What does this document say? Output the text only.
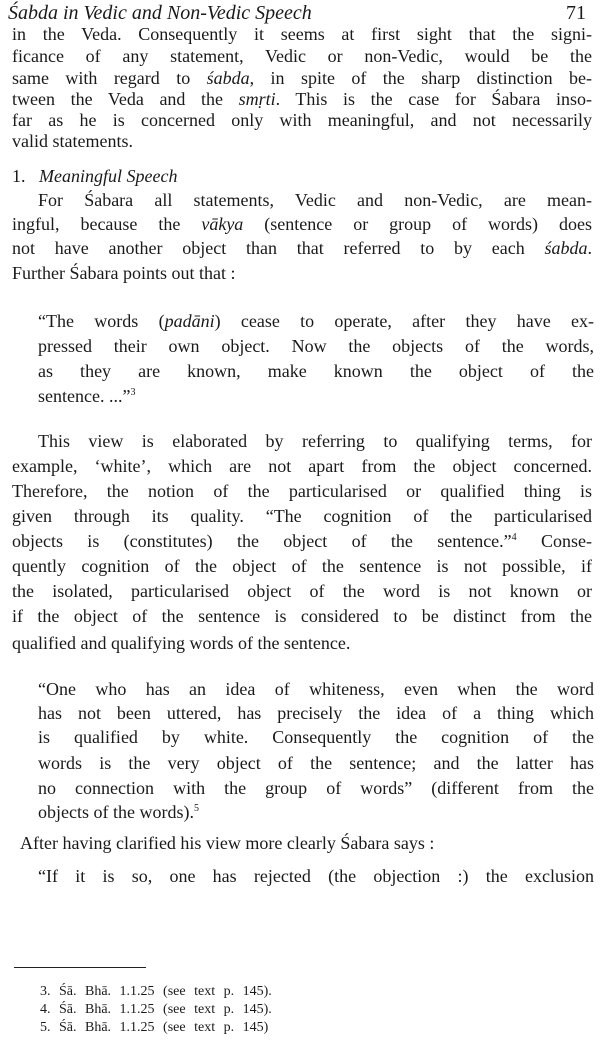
Śabda in Vedic and Non-Vedic Speech	71
in the Veda. Consequently it seems at first sight that the signi-
ficance of any statement, Vedic or non-Vedic, would be the
same with regard to śabda, in spite of the sharp distinction be-
tween the Veda and the smṛti. This is the case for Śabara inso-
far as he is concerned only with meaningful, and not necessarily
valid statements.
1. Meaningful Speech
For Śabara all statements, Vedic and non-Vedic, are mean-
ingful, because the vākya (sentence or group of words) does
not have another object than that referred to by each śabda.
Further Śabara points out that :
“The words (padāni) cease to operate, after they have ex-
pressed their own object. Now the objects of the words,
as they are known, make known the object of the
sentence. ...”$^3$
This view is elaborated by referring to qualifying terms, for
example, ‘white’, which are not apart from the object concerned.
Therefore, the notion of the particularised or qualified thing is
given through its quality. “The cognition of the particularised
objects is (constitutes) the object of the sentence.”$^4$ Conse-
quently cognition of the object of the sentence is not possible, if
the isolated, particularised object of the word is not known or
if the object of the sentence is considered to be distinct from the
qualified and qualifying words of the sentence.
“One who has an idea of whiteness, even when the word
has not been uttered, has precisely the idea of a thing which
is qualified by white. Consequently the cognition of the
words is the very object of the sentence; and the latter has
no connection with the group of words” (different from the
objects of the words).$^5$
After having clarified his view more clearly Śabara says :
“If it is so, one has rejected (the objection :) the exclusion
3. Śā. Bhā. 1.1.25 (see text p. 145).
4. Śā. Bhā. 1.1.25 (see text p. 145).
5. Śā. Bhā. 1.1.25 (see text p. 145)
